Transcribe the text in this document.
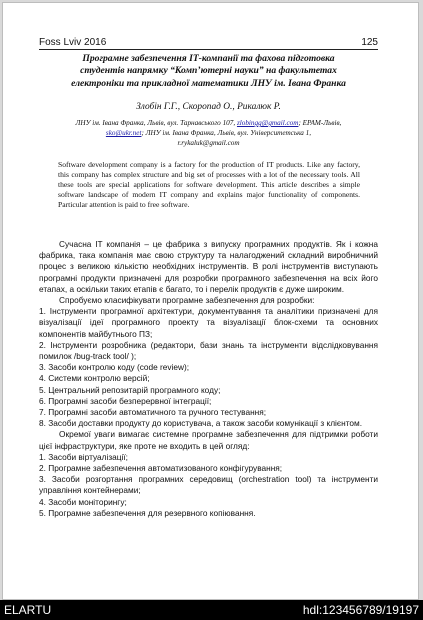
Foss Lviv 2016	125
Програмне забезпечення ІТ-компанії та фахова підготовка
студентів напрямку “Комп’ютерні науки” на факультетах
електроніки та прикладної математики ЛНУ ім. Івана Франка
Злобін Г.Г., Скоропад О., Рикалюк Р.
ЛНУ ім. Івана Франка, Львів, вул. Тарнавського 107, zlobingg@gmail.com; EPAM-Львів,
sko@ukr.net; ЛНУ ім. Івана Франка, Львів, вул. Університетська 1,
r.rykaluk@gmail.com

Software development company is a factory for the production of IT products. Like any factory, this company has complex structure and big set of processes with a lot of the necessary tools. All these tools are special applications for software development. This article describes a simple software landscape of modern IT company and explains major functionality of components. Particular attention is paid to free software.

Сучасна ІТ компанія – це фабрика з випуску програмних продуктів. Як і кожна фабрика, така компанія має свою структуру та налагоджений складний виробничний процес з великою кількістю необхідних інструментів. В ролі інструментів виступають програмні продукти призначені для розробки програмного забезпечення на всіх його етапах, а оскільки таких етапів є багато, то і перелік продуктів є дуже широким.

Спробуємо класифікувати програмне забезпечення для розробки:

1. Інструменти програмної архітектури, документування та аналітики призначені для візуалізації ідеї програмного проекту та візуалізації блок-схеми та основних компонентів майбутнього ПЗ;
2. Інструменти розробника (редактори, бази знань та інструменти відслідковування помилок /bug-track tool/ );
3. Засоби контролю коду (code review);
4. Системи контролю версій;
5. Центральний репозитарій програмного коду;
6. Програмні засоби безперервної інтеграції;
7. Програмні засоби автоматичного та ручного тестування;
8. Засоби доставки продукту до користувача, а також засоби комунікації з клієнтом.

Окремої уваги вимагає системне програмне забезпечення для підтримки роботи цієї інфраструктури, яке проте не входить в цей огляд:

1. Засоби віртуалізації;
2. Програмне забезпечення автоматизованого конфігурування;
3. Засоби розгортання програмних середовищ (orchestration tool) та інструменти управління контейнерами;
4. Засоби моніторингу;
5. Програмне забезпечення для резервного копіювання.
ELARTU	hdl:123456789/19197
